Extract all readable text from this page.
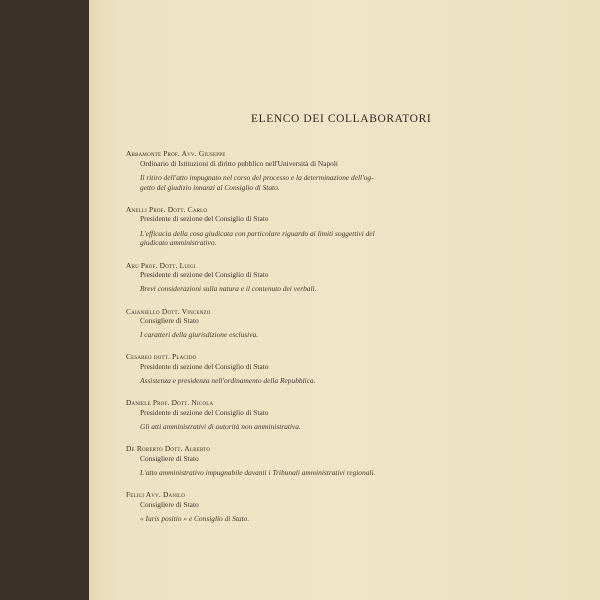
ELENCO DEI COLLABORATORI
Abbamonte Prof. Avv. Giuseppe
Ordinario di Istituzioni di diritto pubblico nell'Università di Napoli
Il ritiro dell'atto impugnato nel corso del processo e la determinazione dell'og-
getto del giudizio innanzi al Consiglio di Stato.
Anelli Prof. Dott. Carlo
Presidente di sezione del Consiglio di Stato
L'efficacia della cosa giudicata con particolare riguardo ai limiti soggettivi del
giudicato amministrativo.
Aru Prof. Dott. Luigi
Presidente di sezione del Consiglio di Stato
Brevi considerazioni sulla natura e il contenuto dei verbali.
Caianiello Dott. Vincenzo
Consigliere di Stato
I caratteri della giurisdizione esclusiva.
Cesareo dott. Placido
Presidente di sezione del Consiglio di Stato
Assistenza e presidenza nell'ordinamento della Repubblica.
Daniele Prof. Dott. Nicola
Presidente di sezione del Consiglio di Stato
Gli atti amministrativi di autorità non amministrativa.
De Roberto Dott. Alberto
Consigliere di Stato
L'atto amministrativo impugnabile davanti i Tribunali amministrativi regionali.
Felici Avv. Danilo
Consigliere di Stato
« Iuris positio » e Consiglio di Stato.
